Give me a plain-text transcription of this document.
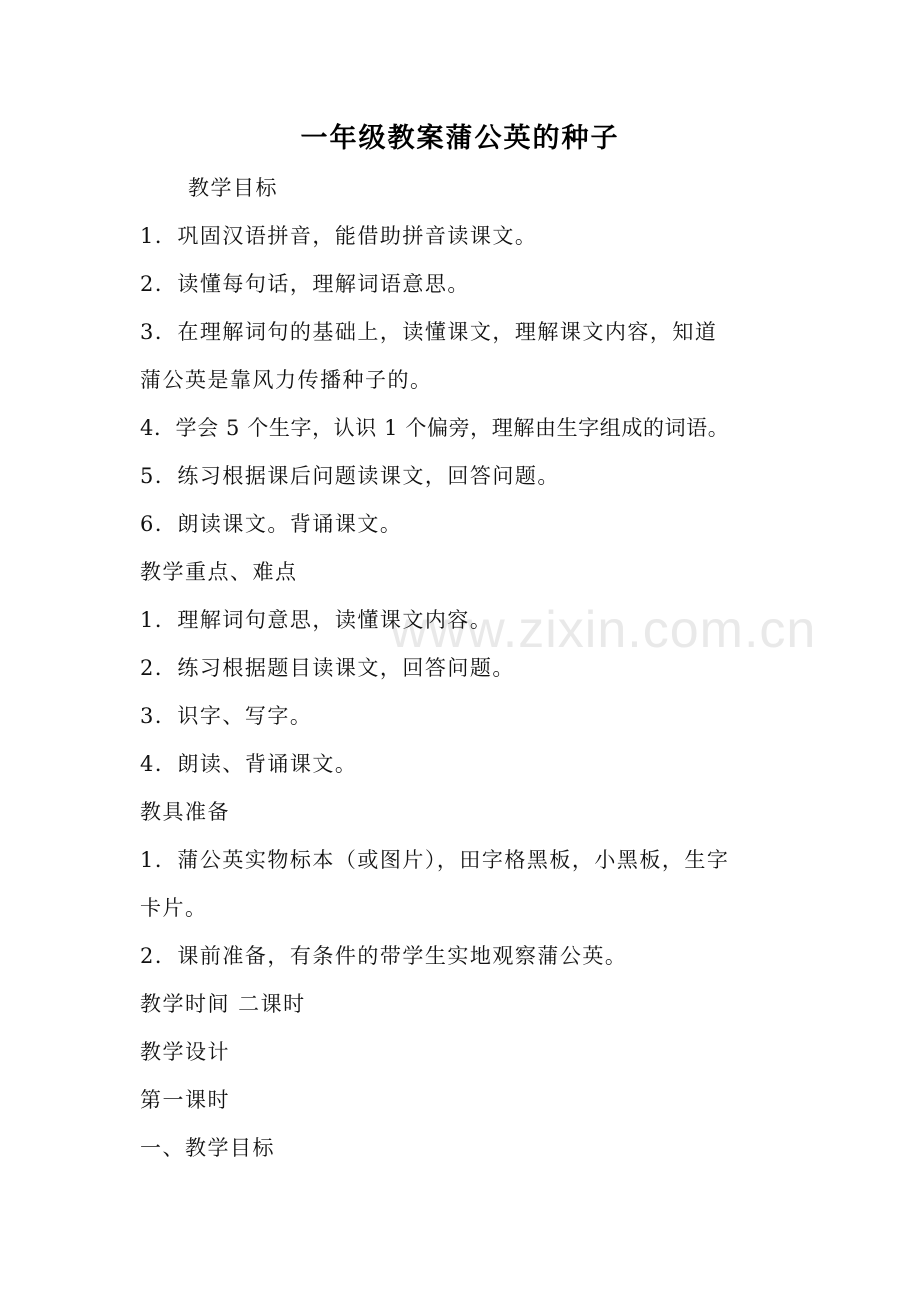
www.zixin.com.cn
一年级教案蒲公英的种子
教学目标
1．巩固汉语拼音，能借助拼音读课文。
2．读懂每句话，理解词语意思。
3．在理解词句的基础上，读懂课文，理解课文内容，知道
蒲公英是靠风力传播种子的。
4．学会 5 个生字，认识 1 个偏旁，理解由生字组成的词语。
5．练习根据课后问题读课文，回答问题。
6．朗读课文。背诵课文。
教学重点、难点
1．理解词句意思，读懂课文内容。
2．练习根据题目读课文，回答问题。
3．识字、写字。
4．朗读、背诵课文。
教具准备
1．蒲公英实物标本（或图片），田字格黑板，小黑板，生字
卡片。
2．课前准备，有条件的带学生实地观察蒲公英。
教学时间 二课时
教学设计
第一课时
一、教学目标
